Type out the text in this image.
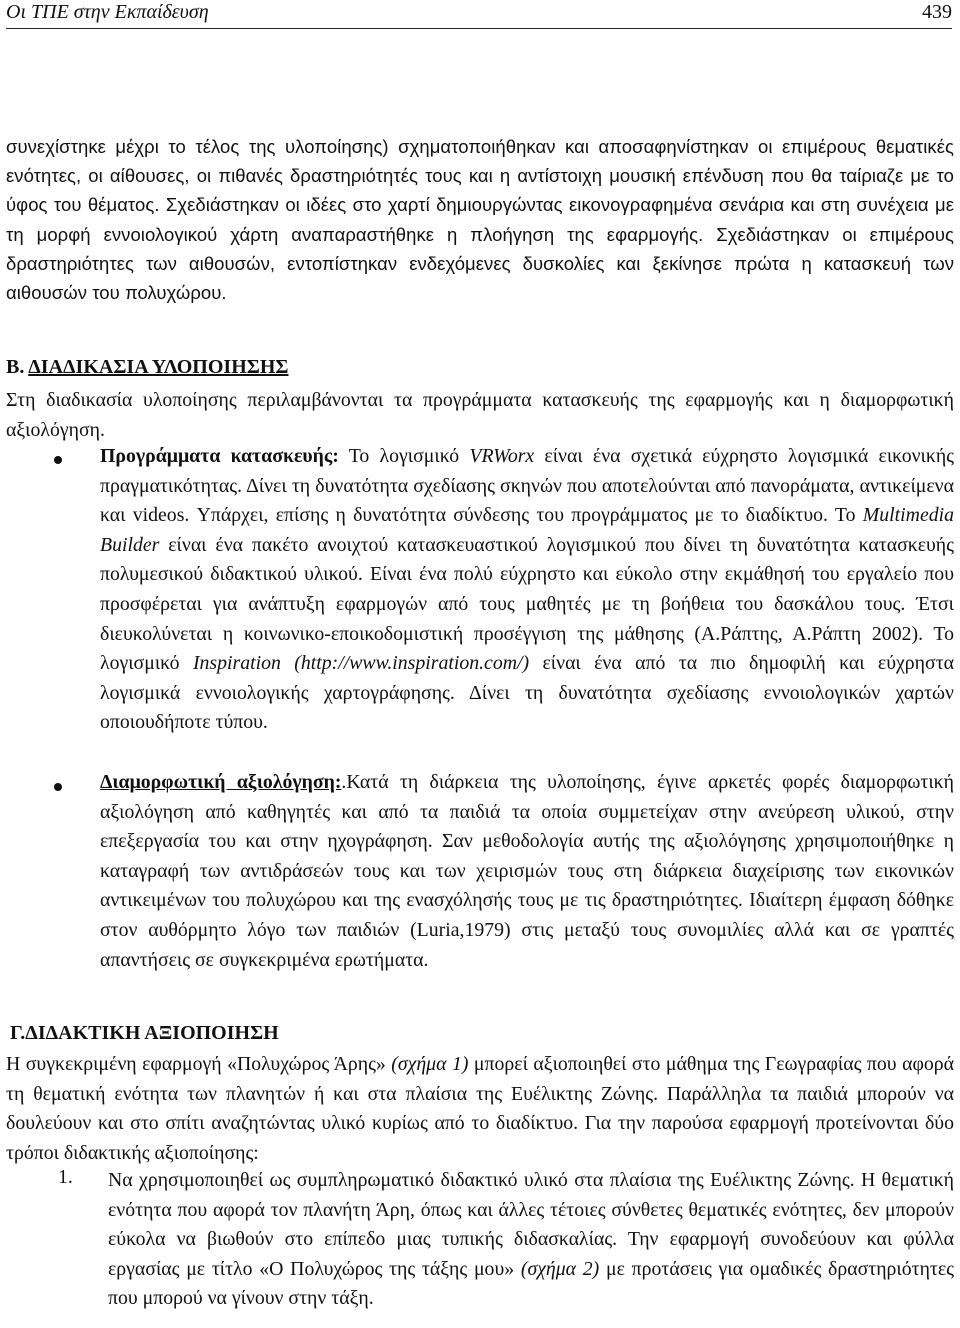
Οι ΤΠΕ στην Εκπαίδευση	439

συνεχίστηκε μέχρι το τέλος της υλοποίησης) σχηματοποιήθηκαν και αποσαφηνίστηκαν οι επιμέρους θεματικές ενότητες, οι αίθουσες, οι πιθανές δραστηριότητές τους και η αντίστοιχη μουσική επένδυση που θα ταίριαζε με το ύφος του θέματος. Σχεδιάστηκαν οι ιδέες στο χαρτί δημιουργώντας εικονογραφημένα σενάρια και στη συνέχεια με τη μορφή εννοιολογικού χάρτη αναπαραστήθηκε η πλοήγηση της εφαρμογής. Σχεδιάστηκαν οι επιμέρους δραστηριότητες των αιθουσών, εντοπίστηκαν ενδεχόμενες δυσκολίες και ξεκίνησε πρώτα η κατασκευή των αιθουσών του πολυχώρου.

Β. ΔΙΑΔΙΚΑΣΙΑ ΥΛΟΠΟΙΗΣΗΣ

Στη διαδικασία υλοποίησης περιλαμβάνονται τα προγράμματα κατασκευής της εφαρμογής και η διαμορφωτική αξιολόγηση.

Προγράμματα κατασκευής: Το λογισμικό VRWorx είναι ένα σχετικά εύχρηστο λογισμικά εικονικής πραγματικότητας. Δίνει τη δυνατότητα σχεδίασης σκηνών που αποτελούνται από πανοράματα, αντικείμενα και videos. Υπάρχει, επίσης η δυνατότητα σύνδεσης του προγράμματος με το διαδίκτυο. Το Multimedia Builder είναι ένα πακέτο ανοιχτού κατασκευαστικού λογισμικού που δίνει τη δυνατότητα κατασκευής πολυμεσικού διδακτικού υλικού. Είναι ένα πολύ εύχρηστο και εύκολο στην εκμάθησή του εργαλείο που προσφέρεται για ανάπτυξη εφαρμογών από τους μαθητές με τη βοήθεια του δασκάλου τους. Έτσι διευκολύνεται η κοινωνικο-εποικοδομιστική προσέγγιση της μάθησης (Α.Ράπτης, Α.Ράπτη 2002). Το λογισμικό Inspiration (http://www.inspiration.com/) είναι ένα από τα πιο δημοφιλή και εύχρηστα λογισμικά εννοιολογικής χαρτογράφησης. Δίνει τη δυνατότητα σχεδίασης εννοιολογικών χαρτών οποιουδήποτε τύπου.

Διαμορφωτική αξιολόγηση:.Κατά τη διάρκεια της υλοποίησης, έγινε αρκετές φορές διαμορφωτική αξιολόγηση από καθηγητές και από τα παιδιά τα οποία συμμετείχαν στην ανεύρεση υλικού, στην επεξεργασία του και στην ηχογράφηση. Σαν μεθοδολογία αυτής της αξιολόγησης χρησιμοποιήθηκε η καταγραφή των αντιδράσεών τους και των χειρισμών τους στη διάρκεια διαχείρισης των εικονικών αντικειμένων του πολυχώρου και της ενασχόλησής τους με τις δραστηριότητες. Ιδιαίτερη έμφαση δόθηκε στον αυθόρμητο λόγο των παιδιών (Luria,1979) στις μεταξύ τους συνομιλίες αλλά και σε γραπτές απαντήσεις σε συγκεκριμένα ερωτήματα.

Γ.ΔΙΔΑΚΤΙΚΗ ΑΞΙΟΠΟΙΗΣΗ

Η συγκεκριμένη εφαρμογή «Πολυχώρος Άρης» (σχήμα 1) μπορεί αξιοποιηθεί στο μάθημα της Γεωγραφίας που αφορά τη θεματική ενότητα των πλανητών ή και στα πλαίσια της Ευέλικτης Ζώνης. Παράλληλα τα παιδιά μπορούν να δουλεύουν και στο σπίτι αναζητώντας υλικό κυρίως από το διαδίκτυο. Για την παρούσα εφαρμογή προτείνονται δύο τρόποι διδακτικής αξιοποίησης:

1. Να χρησιμοποιηθεί ως συμπληρωματικό διδακτικό υλικό στα πλαίσια της Ευέλικτης Ζώνης. Η θεματική ενότητα που αφορά τον πλανήτη Άρη, όπως και άλλες τέτοιες σύνθετες θεματικές ενότητες, δεν μπορούν εύκολα να βιωθούν στο επίπεδο μιας τυπικής διδασκαλίας. Την εφαρμογή συνοδεύουν και φύλλα εργασίας με τίτλο «Ο Πολυχώρος της τάξης μου» (σχήμα 2) με προτάσεις για ομαδικές δραστηριότητες που μπορού να γίνουν στην τάξη.
